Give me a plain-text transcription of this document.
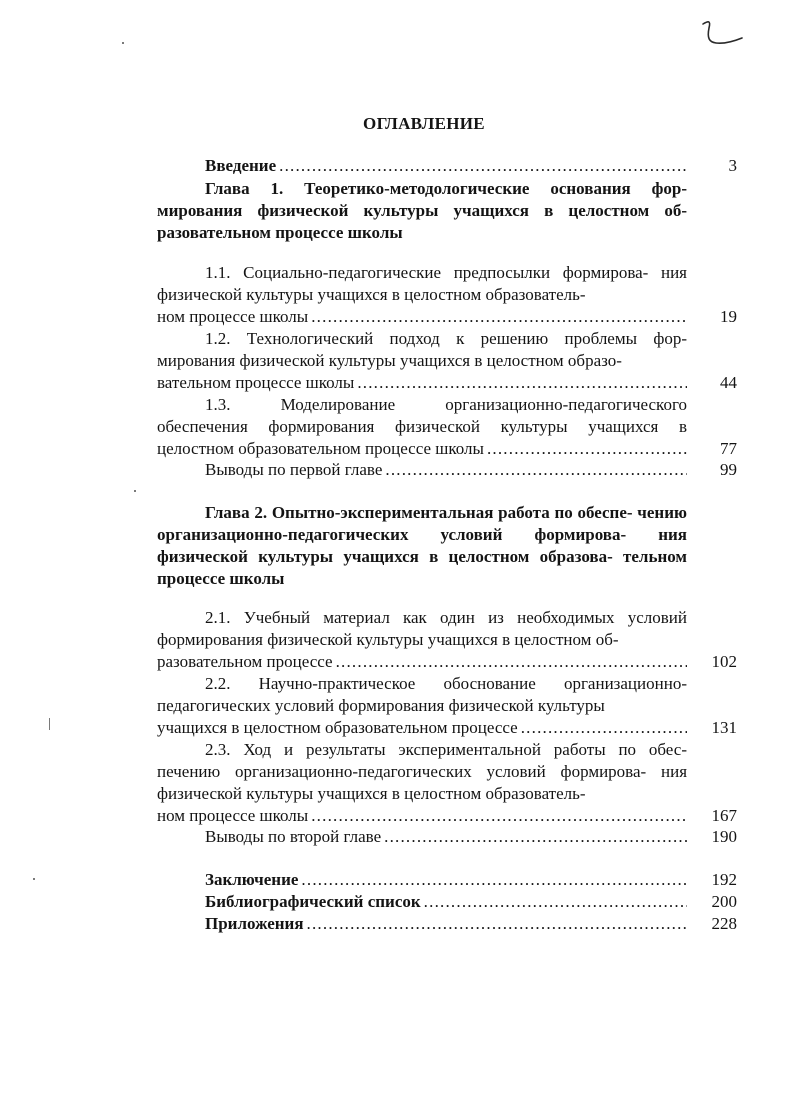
ОГЛАВЛЕНИЕ
Введение .....	3
Глава 1. Теоретико-методологические основания фор- мирования физической культуры учащихся в целостном об- разовательном процессе школы
1.1. Социально-педагогические предпосылки формирова- ния физической культуры учащихся в целостном образователь-
ном процессе школы .....	19
1.2. Технологический подход к решению проблемы фор- мирования физической культуры учащихся в целостном образо-
вательном процессе школы .....	44
1.3. Моделирование организационно-педагогического
обеспечения формирования физической культуры учащихся в
целостном образовательном процессе школы .....	77
Выводы по первой главе .....	99
Глава 2. Опытно-экспериментальная работа по обеспе- чению организационно-педагогических условий формирова- ния физической культуры учащихся в целостном образова- тельном процессе школы
2.1. Учебный материал как один из необходимых условий формирования физической культуры учащихся в целостном об-
разовательном процессе .....	102
2.2. Научно-практическое обоснование организационно- педагогических условий формирования физической культуры
учащихся в целостном образовательном процессе .....	131
2.3. Ход и результаты экспериментальной работы по обес- печению организационно-педагогических условий формирова- ния физической культуры учащихся в целостном образователь-
ном процессе школы .....	167
Выводы по второй главе .....	190
Заключение .....	192
Библиографический список .....	200
Приложения .....	228
